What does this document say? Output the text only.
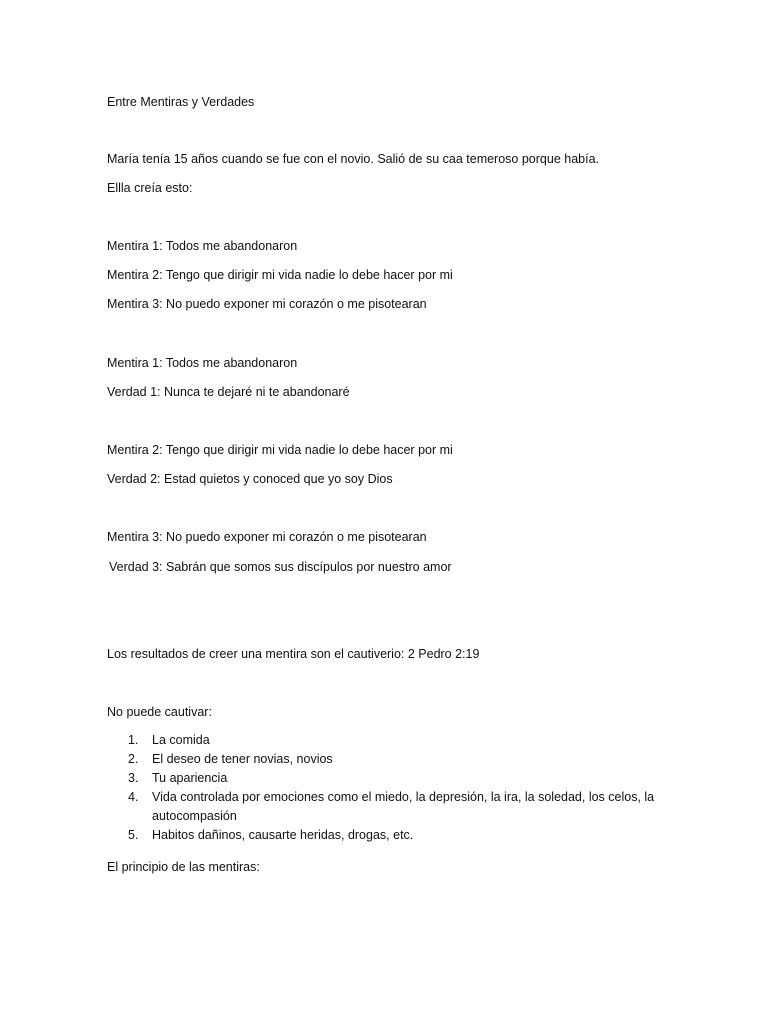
Entre Mentiras y Verdades
María tenía 15 años cuando se fue con el novio. Salió de su caa temeroso porque había.
Ellla creía esto:
Mentira 1: Todos me abandonaron
Mentira 2: Tengo que dirigir mi vida nadie lo debe hacer por mi
Mentira 3: No puedo exponer mi corazón o me pisotearan
Mentira 1: Todos me abandonaron
Verdad 1: Nunca te dejaré ni te abandonaré
Mentira 2: Tengo que dirigir mi vida nadie lo debe hacer por mi
Verdad 2: Estad quietos y conoced que yo soy Dios
Mentira 3: No puedo exponer mi corazón o me pisotearan
Verdad 3: Sabrán que somos sus discípulos por nuestro amor
Los resultados de creer una mentira son el cautiverio: 2 Pedro 2:19
No puede cautivar:
1. La comida
2. El deseo de tener novias, novios
3. Tu apariencia
4. Vida controlada por emociones como el miedo, la depresión, la ira, la soledad, los celos, la autocompasión
5. Habitos dañinos, causarte heridas, drogas, etc.
El principio de las mentiras:
